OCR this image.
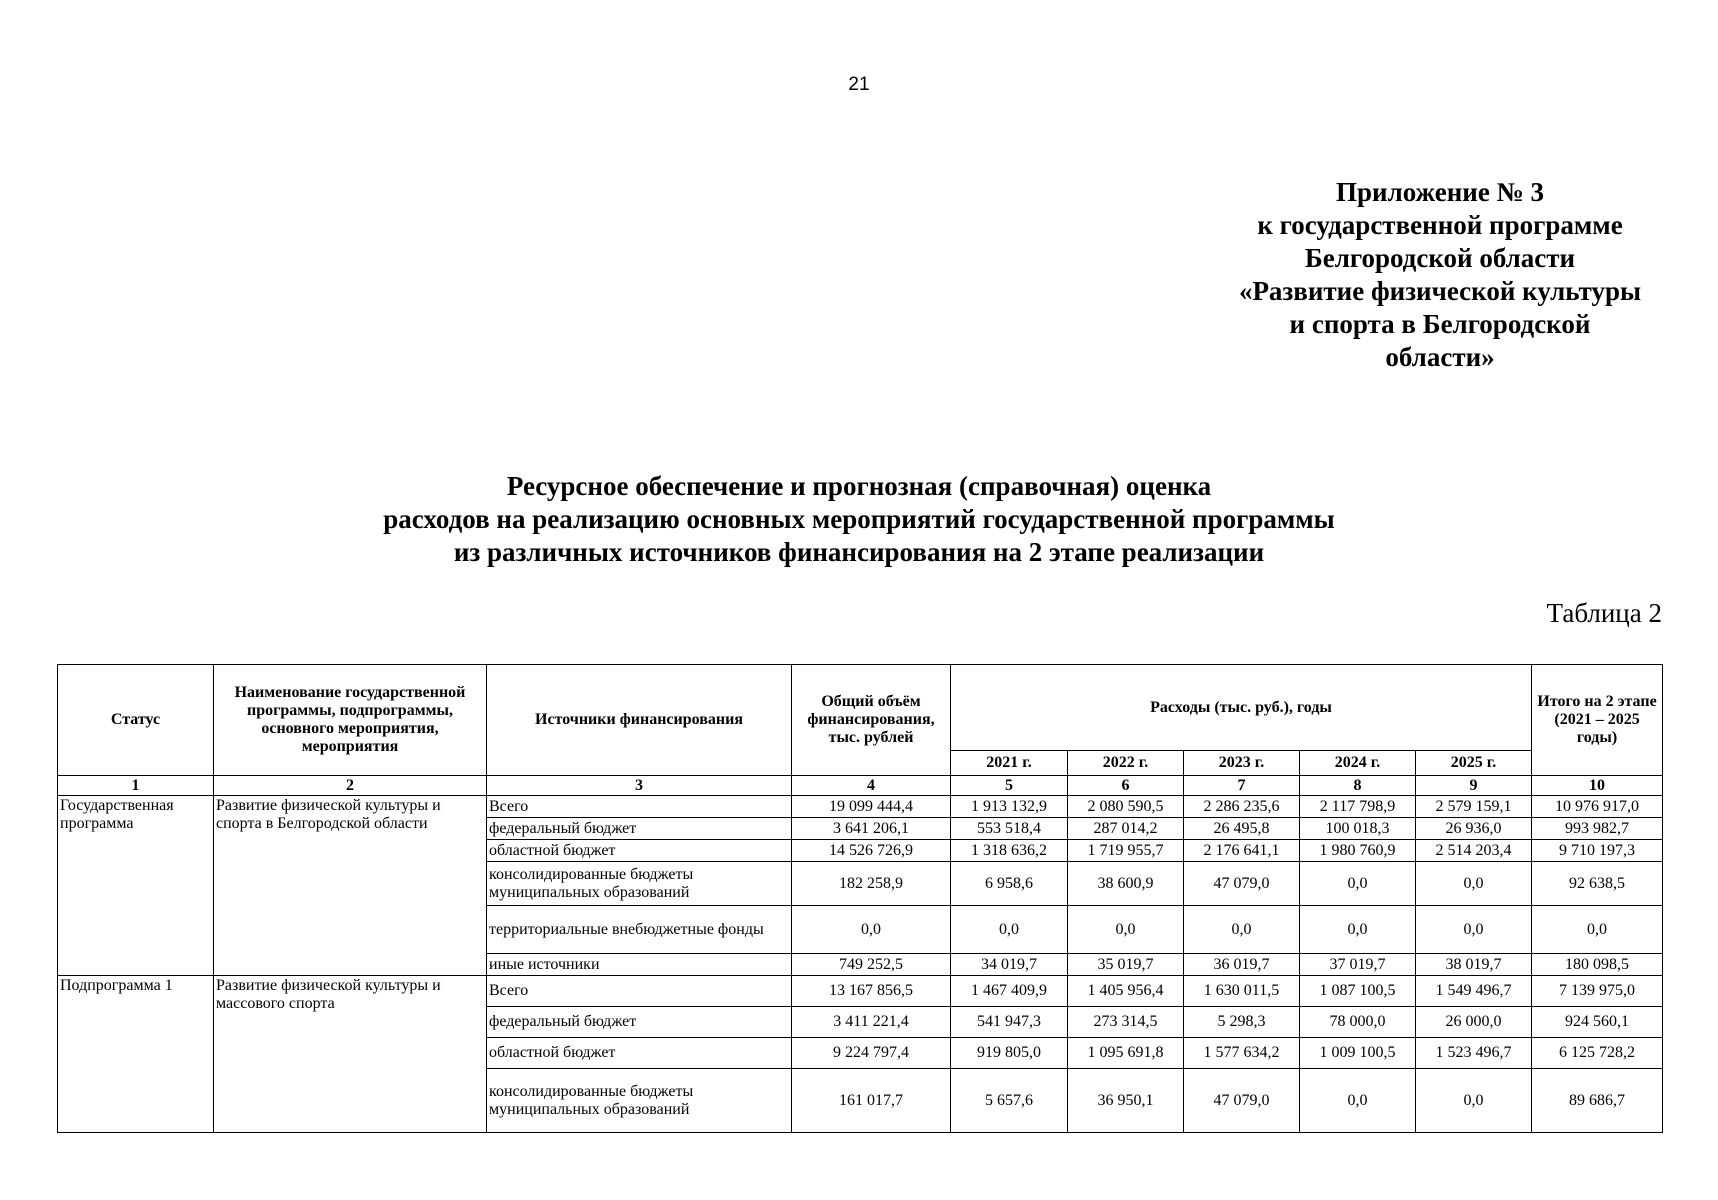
21
Приложение № 3
к государственной программе
Белгородской области
«Развитие физической культуры
и спорта в Белгородской
области»
Ресурсное обеспечение и прогнозная (справочная) оценка
расходов на реализацию основных мероприятий государственной программы
из различных источников финансирования на 2 этапе реализации
Таблица 2
Статус	Наименование государственной программы, подпрограммы, основного мероприятия, мероприятия	Источники финансирования	Общий объём финансирования, тыс. рублей	Расходы (тыс. руб.), годы					Итого на 2 этапе (2021 – 2025 годы)
				2021 г.	2022 г.	2023 г.	2024 г.	2025 г.	
1	2	3	4	5	6	7	8	9	10
Государственная программа	Развитие физической культуры и спорта в Белгородской области	Всего	19 099 444,4	1 913 132,9	2 080 590,5	2 286 235,6	2 117 798,9	2 579 159,1	10 976 917,0
		федеральный бюджет	3 641 206,1	553 518,4	287 014,2	26 495,8	100 018,3	26 936,0	993 982,7
		областной бюджет	14 526 726,9	1 318 636,2	1 719 955,7	2 176 641,1	1 980 760,9	2 514 203,4	9 710 197,3
		консолидированные бюджеты муниципальных образований	182 258,9	6 958,6	38 600,9	47 079,0	0,0	0,0	92 638,5
		территориальные внебюджетные фонды	0,0	0,0	0,0	0,0	0,0	0,0	0,0
		иные источники	749 252,5	34 019,7	35 019,7	36 019,7	37 019,7	38 019,7	180 098,5
Подпрограмма 1	Развитие физической культуры и массового спорта	Всего	13 167 856,5	1 467 409,9	1 405 956,4	1 630 011,5	1 087 100,5	1 549 496,7	7 139 975,0
		федеральный бюджет	3 411 221,4	541 947,3	273 314,5	5 298,3	78 000,0	26 000,0	924 560,1
		областной бюджет	9 224 797,4	919 805,0	1 095 691,8	1 577 634,2	1 009 100,5	1 523 496,7	6 125 728,2
		консолидированные бюджеты муниципальных образований	161 017,7	5 657,6	36 950,1	47 079,0	0,0	0,0	89 686,7
